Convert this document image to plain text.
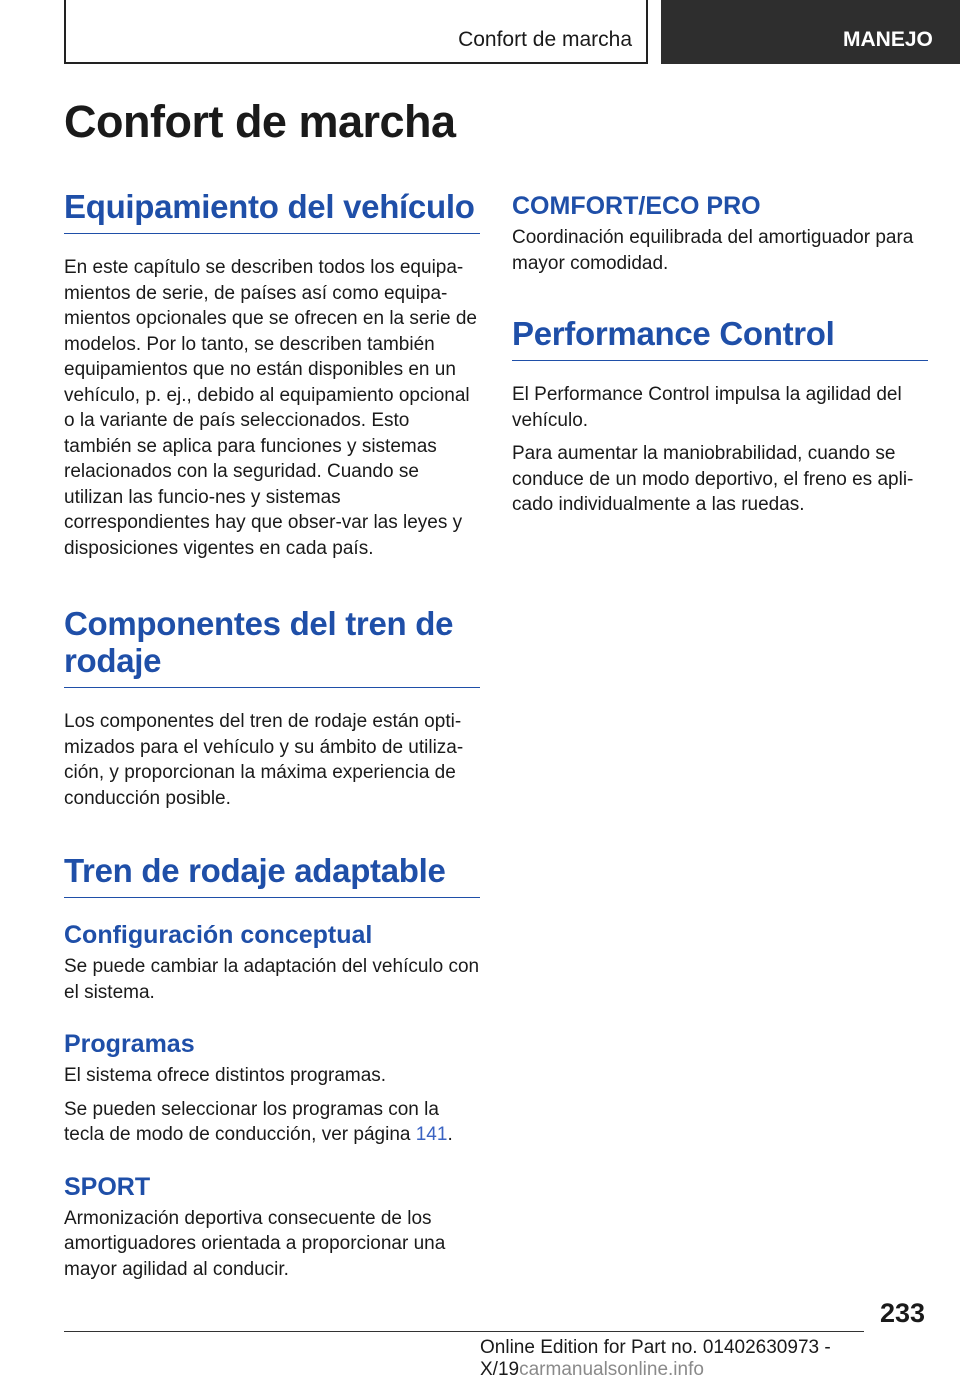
Confort de marcha	MANEJO
Confort de marcha
Equipamiento del vehículo

En este capítulo se describen todos los equipa‐mientos de serie, de países así como equipa‐mientos opcionales que se ofrecen en la serie de modelos. Por lo tanto, se describen también equipamientos que no están disponibles en un vehículo, p. ej., debido al equipamiento opcional o la variante de país seleccionados. Esto también se aplica para funciones y sistemas relacionados con la seguridad. Cuando se utilizan las funcio‐nes y sistemas correspondientes hay que obser‐var las leyes y disposiciones vigentes en cada país.

Componentes del tren de rodaje

Los componentes del tren de rodaje están opti‐mizados para el vehículo y su ámbito de utiliza‐ción, y proporcionan la máxima experiencia de conducción posible.

Tren de rodaje adaptable
Configuración conceptual

Se puede cambiar la adaptación del vehículo con el sistema.

Programas

El sistema ofrece distintos programas.

Se pueden seleccionar los programas con la tecla de modo de conducción, ver página 141.

SPORT

Armonización deportiva consecuente de los amortiguadores orientada a proporcionar una mayor agilidad al conducir.

COMFORT/ECO PRO

Coordinación equilibrada del amortiguador para mayor comodidad.

Performance Control

El Performance Control impulsa la agilidad del vehículo.

Para aumentar la maniobrabilidad, cuando se conduce de un modo deportivo, el freno es apli‐cado individualmente a las ruedas.

233
Online Edition for Part no. 01402630973 - X/19carmanualsonline.info
